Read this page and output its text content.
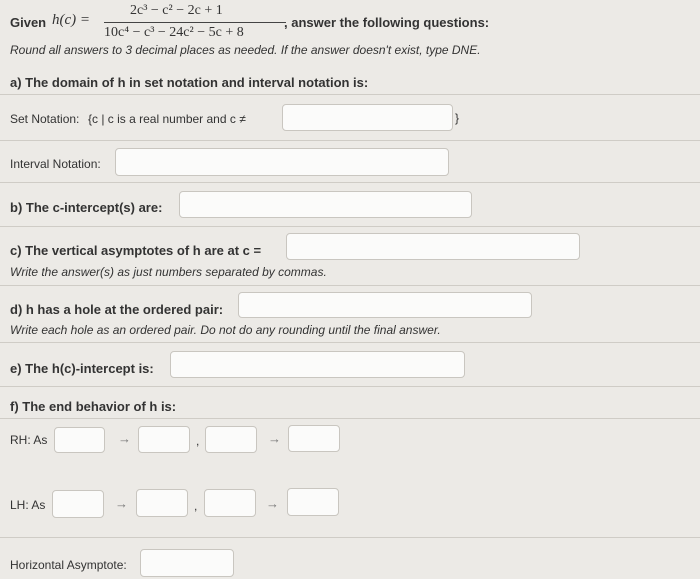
Given h(c) =
2c³ − c² − 2c + 1
10c⁴ − c³ − 24c² − 5c + 8
, answer the following questions:
Round all answers to 3 decimal places as needed. If the answer doesn't exist, type DNE.
a) The domain of h in set notation and interval notation is:
Set Notation: {c | c is a real number and c ≠	}
Interval Notation:
b) The c-intercept(s) are:
c) The vertical asymptotes of h are at c =
Write the answer(s) as just numbers separated by commas.
d) h has a hole at the ordered pair:
Write each hole as an ordered pair. Do not do any rounding until the final answer.
e) The h(c)-intercept is:
f) The end behavior of h is:
RH: As	→	,	→
LH: As	→	,	→
Horizontal Asymptote:
